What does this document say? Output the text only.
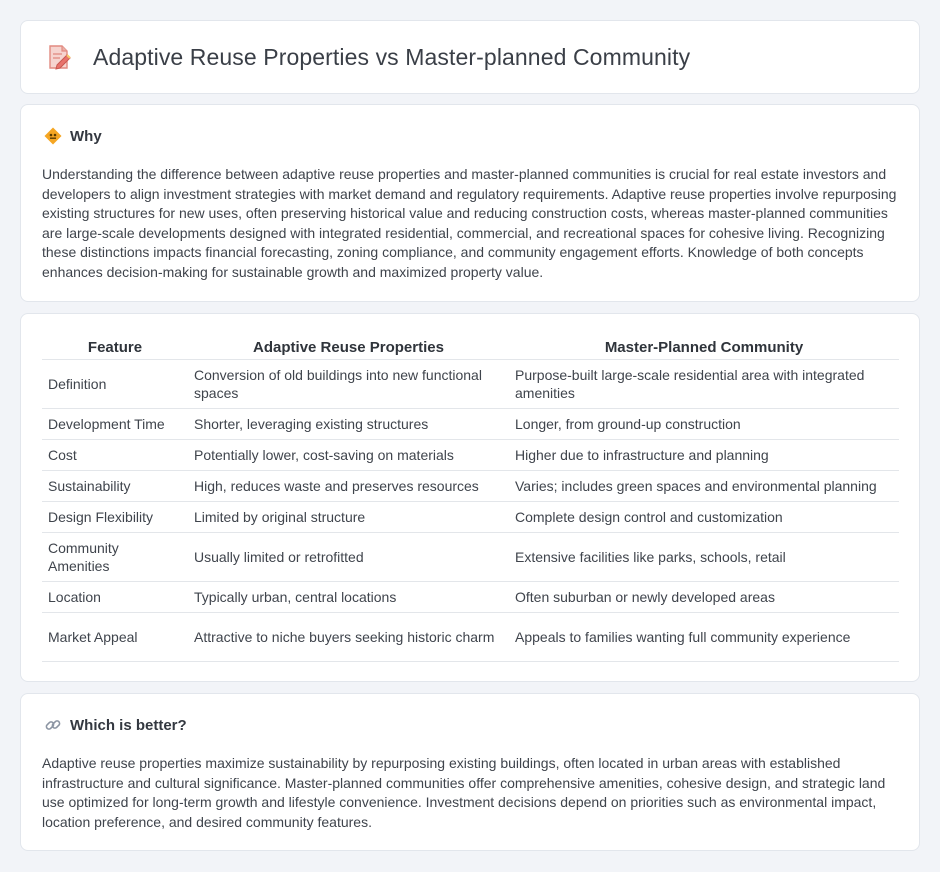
Adaptive Reuse Properties vs Master-planned Community
Why

Understanding the difference between adaptive reuse properties and master-planned communities is crucial for real estate investors and developers to align investment strategies with market demand and regulatory requirements. Adaptive reuse properties involve repurposing existing structures for new uses, often preserving historical value and reducing construction costs, whereas master-planned communities are large-scale developments designed with integrated residential, commercial, and recreational spaces for cohesive living. Recognizing these distinctions impacts financial forecasting, zoning compliance, and community engagement efforts. Knowledge of both concepts enhances decision-making for sustainable growth and maximized property value.

Feature	Adaptive Reuse Properties	Master-Planned Community
Definition	Conversion of old buildings into new functional spaces	Purpose-built large-scale residential area with integrated amenities
Development Time	Shorter, leveraging existing structures	Longer, from ground-up construction
Cost	Potentially lower, cost-saving on materials	Higher due to infrastructure and planning
Sustainability	High, reduces waste and preserves resources	Varies; includes green spaces and environmental planning
Design Flexibility	Limited by original structure	Complete design control and customization
Community Amenities	Usually limited or retrofitted	Extensive facilities like parks, schools, retail
Location	Typically urban, central locations	Often suburban or newly developed areas
Market Appeal	Attractive to niche buyers seeking historic charm	Appeals to families wanting full community experience
Which is better?

Adaptive reuse properties maximize sustainability by repurposing existing buildings, often located in urban areas with established infrastructure and cultural significance. Master-planned communities offer comprehensive amenities, cohesive design, and strategic land use optimized for long-term growth and lifestyle convenience. Investment decisions depend on priorities such as environmental impact, location preference, and desired community features.
